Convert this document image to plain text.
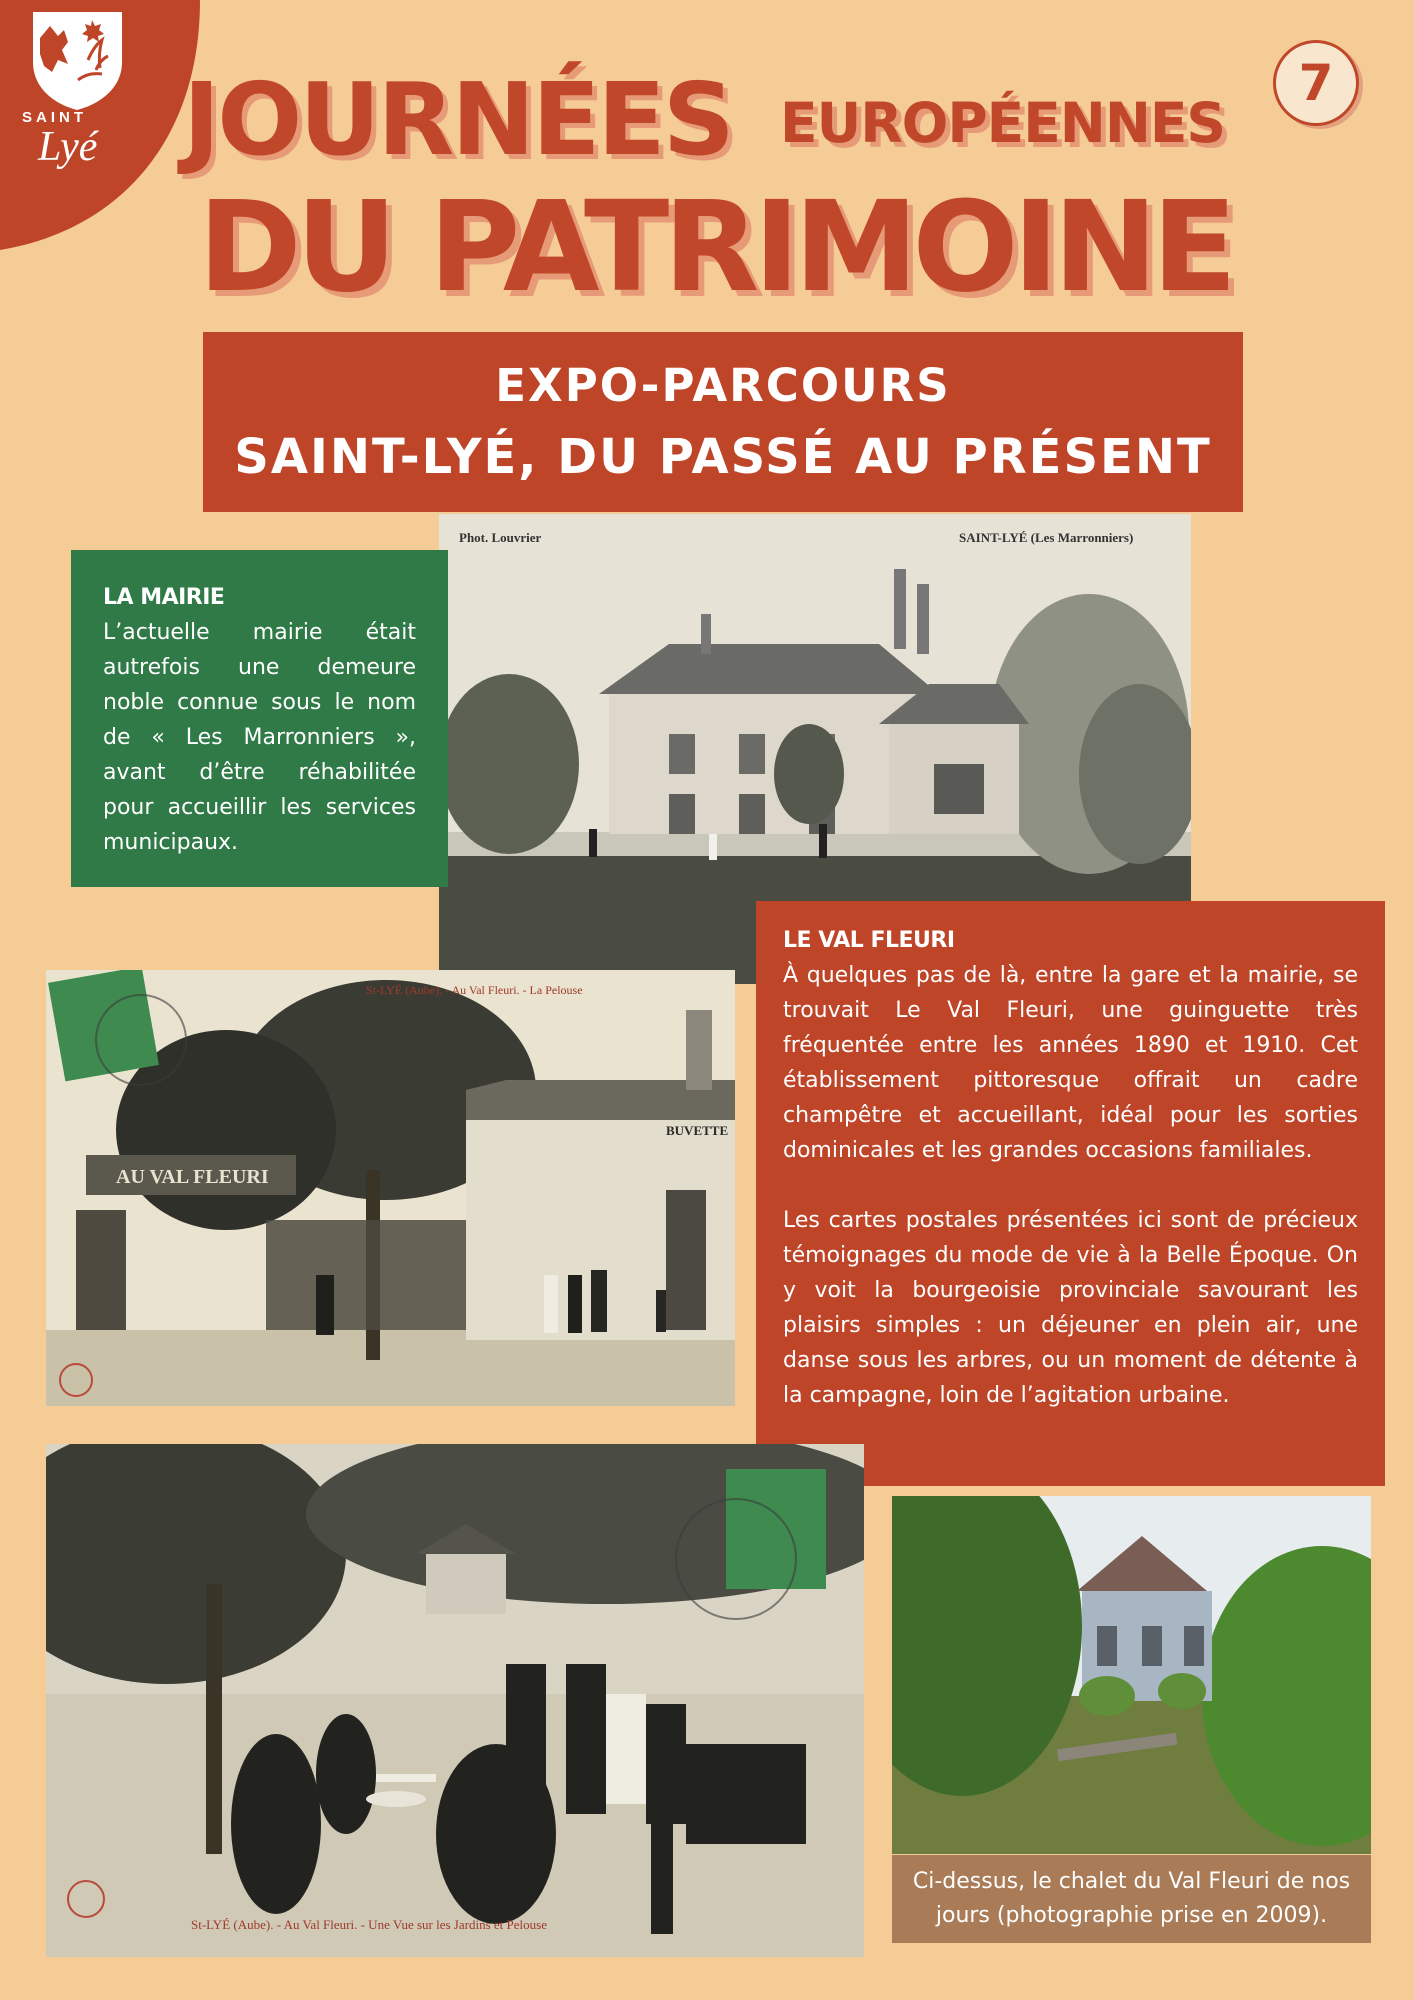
SAINT
Lyé
7
JOURNÉES EUROPÉENNES
DU PATRIMOINE
EXPO-PARCOURS
SAINT-LYÉ, DU PASSÉ AU PRÉSENT
Phot. Louvrier	SAINT-LYÉ (Les Marronniers)
BUVETTE
AU VAL FLEURI
St-LYÉ (Aube). - Au Val Fleuri. - La Pelouse
LA MAIRIE

L’actuelle mairie était autrefois une demeure noble connue sous le nom de « Les Marronniers », avant d’être réhabilitée pour accueillir les services municipaux.

LE VAL FLEURI

À quelques pas de là, entre la gare et la mairie, se trouvait Le Val Fleuri, une guinguette très fréquentée entre les années 1890 et 1910. Cet établissement pittoresque offrait un cadre champêtre et accueillant, idéal pour les sorties dominicales et les grandes occasions familiales.

Les cartes postales présentées ici sont de précieux témoignages du mode de vie à la Belle Époque. On y voit la bourgeoisie provinciale savourant les plaisirs simples : un déjeuner en plein air, une danse sous les arbres, ou un moment de détente à la campagne, loin de l’agitation urbaine.

St-LYÉ (Aube). - Au Val Fleuri. - Une Vue sur les Jardins et Pelouse
Ci-dessus, le chalet du Val Fleuri de nos jours (photographie prise en 2009).
